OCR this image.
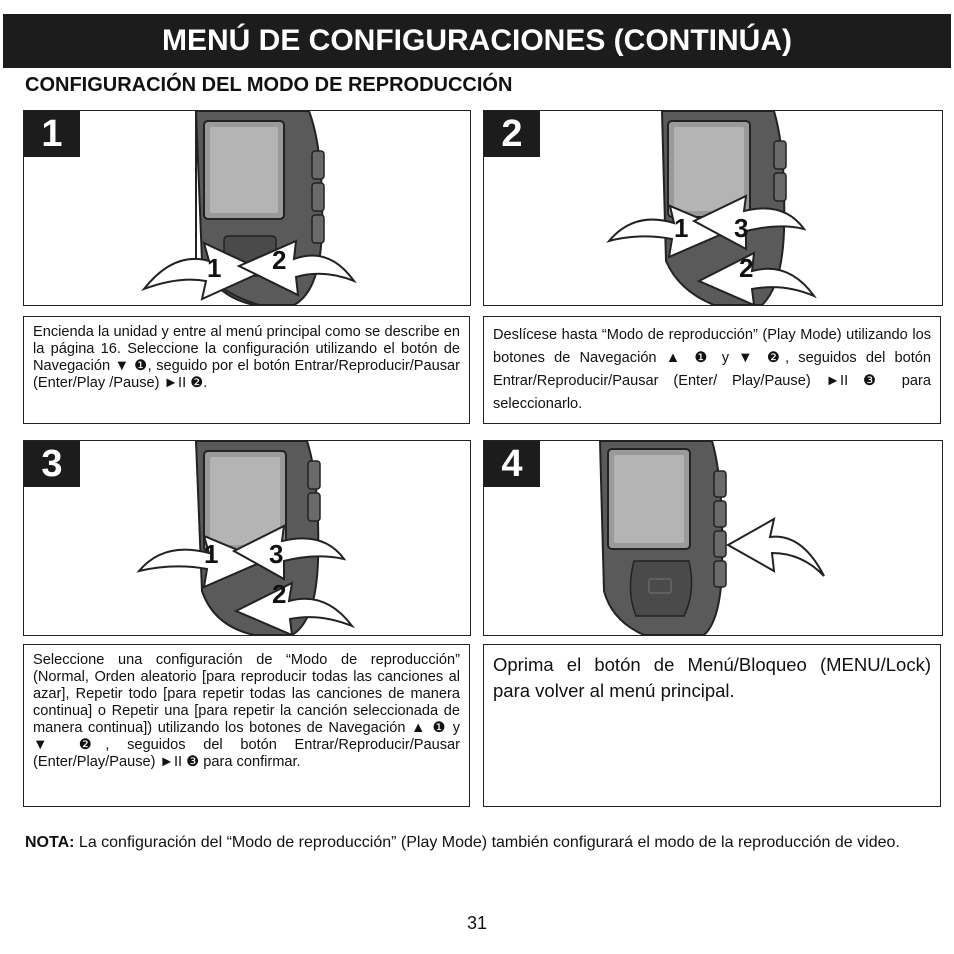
MENÚ DE CONFIGURACIONES (CONTINÚA)
CONFIGURACIÓN DEL MODO DE REPRODUCCIÓN
1
1 2
2
1 3
2
Encienda la unidad y entre al menú principal como se describe en la página 16. Seleccione la configuración utilizando el botón de Navegación ▼ ❶, seguido por el botón Entrar/Reproducir/Pausar (Enter/Play /Pause) ►II ❷.
Deslícese hasta “Modo de reproducción” (Play Mode) utilizando los botones de Navegación ▲ ❶ y ▼ ❷, seguidos del botón Entrar/Reproducir/Pausar (Enter/ Play/Pause) ►II ❸ para seleccionarlo.
3
1 3
2
4
Seleccione una configuración de “Modo de reproducción” (Normal, Orden aleatorio [para reproducir todas las canciones al azar], Repetir todo [para repetir todas las canciones de manera continua] o Repetir una [para repetir la canción seleccionada de manera continua]) utilizando los botones de Navegación ▲ ❶ y ▼ ❷, seguidos del botón Entrar/Reproducir/Pausar (Enter/Play/Pause) ►II ❸ para confirmar.
Oprima el botón de Menú/Bloqueo (MENU/Lock) para volver al menú principal.
NOTA: La configuración del “Modo de reproducción” (Play Mode) también configurará el modo de la reproducción de video.
31
